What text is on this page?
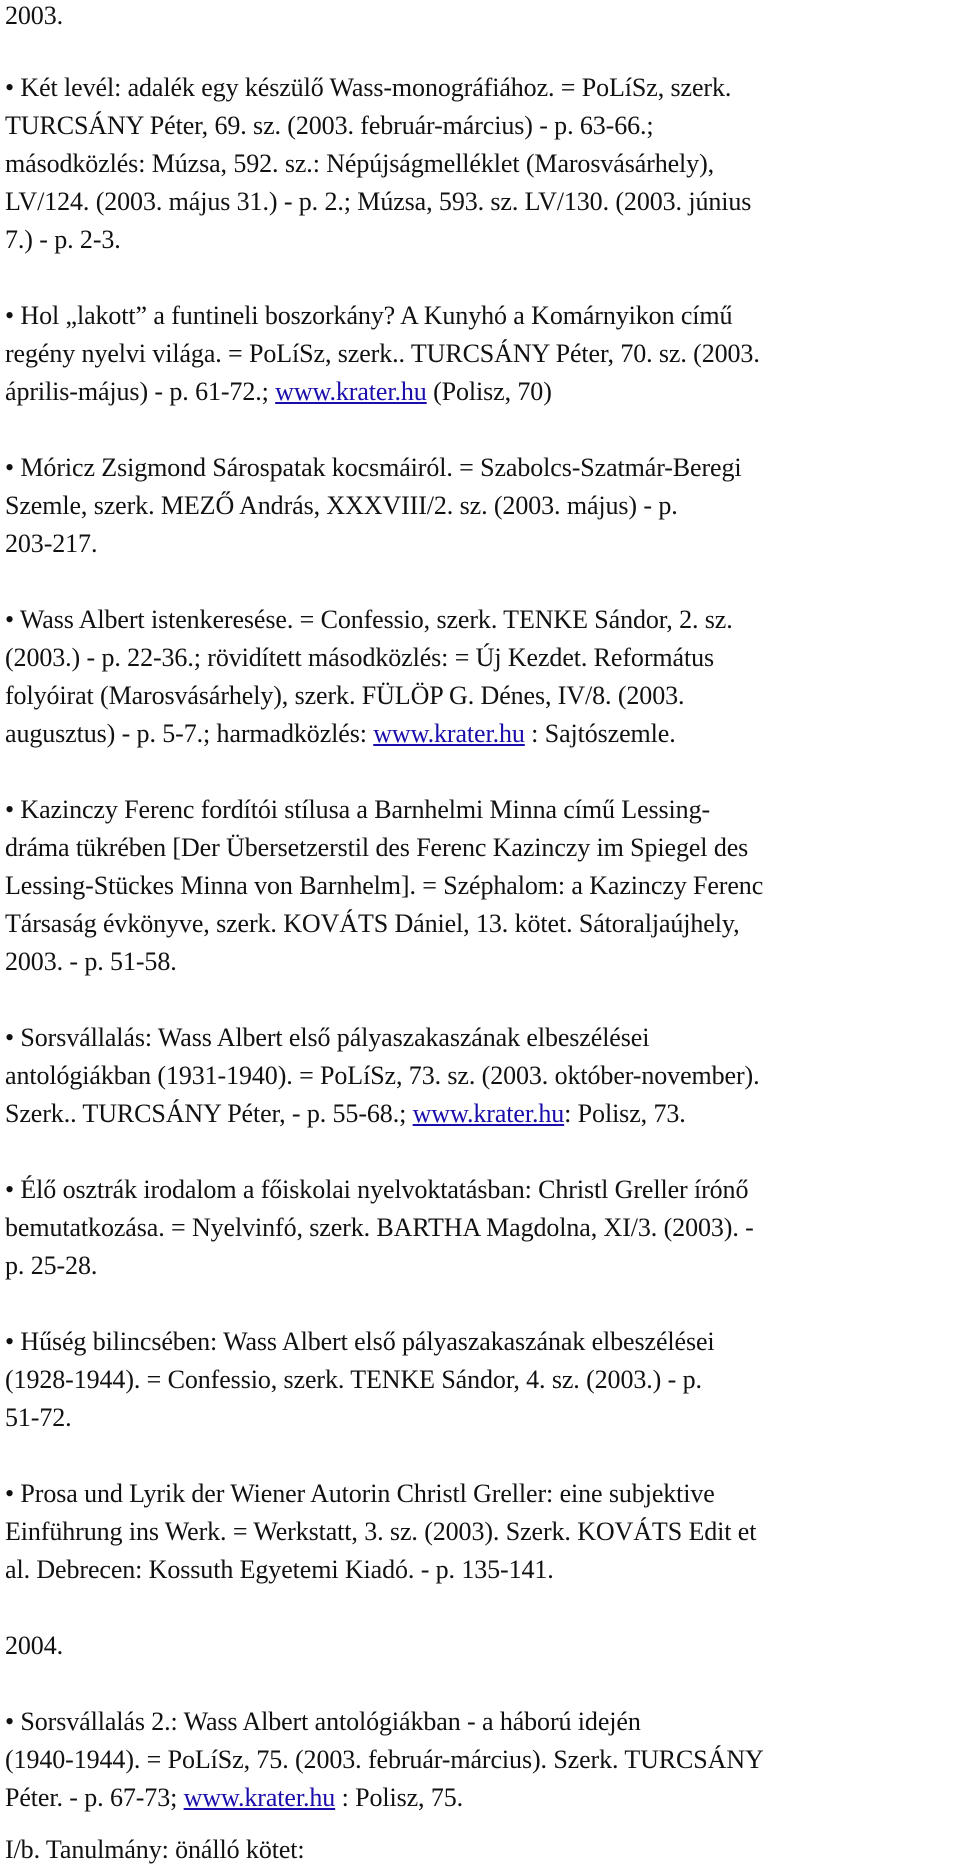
2003.
• Két levél: adalék egy készülő Wass-monográfiához. = PoLíSz, szerk.
TURCSÁNY Péter, 69. sz. (2003. február-március) - p. 63-66.;
másodközlés: Múzsa, 592. sz.: Népújságmelléklet (Marosvásárhely),
LV/124. (2003. május 31.) - p. 2.; Múzsa, 593. sz. LV/130. (2003. június
7.) - p. 2-3.
• Hol „lakott” a funtineli boszorkány? A Kunyhó a Komárnyikon című
regény nyelvi világa. = PoLíSz, szerk.. TURCSÁNY Péter, 70. sz. (2003.
április-május) - p. 61-72.; www.krater.hu (Polisz, 70)
• Móricz Zsigmond Sárospatak kocsmáiról. = Szabolcs-Szatmár-Beregi
Szemle, szerk. MEZŐ András, XXXVIII/2. sz. (2003. május) - p.
203-217.
• Wass Albert istenkeresése. = Confessio, szerk. TENKE Sándor, 2. sz.
(2003.) - p. 22-36.; rövidített másodközlés: = Új Kezdet. Református
folyóirat (Marosvásárhely), szerk. FÜLÖP G. Dénes, IV/8. (2003.
augusztus) - p. 5-7.; harmadközlés: www.krater.hu : Sajtószemle.
• Kazinczy Ferenc fordítói stílusa a Barnhelmi Minna című Lessing-
dráma tükrében [Der Übersetzerstil des Ferenc Kazinczy im Spiegel des
Lessing-Stückes Minna von Barnhelm]. = Széphalom: a Kazinczy Ferenc
Társaság évkönyve, szerk. KOVÁTS Dániel, 13. kötet. Sátoraljaújhely,
2003. - p. 51-58.
• Sorsvállalás: Wass Albert első pályaszakaszának elbeszélései
antológiákban (1931-1940). = PoLíSz, 73. sz. (2003. október-november).
Szerk.. TURCSÁNY Péter, - p. 55-68.; www.krater.hu: Polisz, 73.
• Élő osztrák irodalom a főiskolai nyelvoktatásban: Christl Greller írónő
bemutatkozása. = Nyelvinfó, szerk. BARTHA Magdolna, XI/3. (2003). -
p. 25-28.
• Hűség bilincsében: Wass Albert első pályaszakaszának elbeszélései
(1928-1944). = Confessio, szerk. TENKE Sándor, 4. sz. (2003.) - p.
51-72.
• Prosa und Lyrik der Wiener Autorin Christl Greller: eine subjektive
Einführung ins Werk. = Werkstatt, 3. sz. (2003). Szerk. KOVÁTS Edit et
al. Debrecen: Kossuth Egyetemi Kiadó. - p. 135-141.
2004.
• Sorsvállalás 2.: Wass Albert antológiákban - a háború idején
(1940-1944). = PoLíSz, 75. (2003. február-március). Szerk. TURCSÁNY
Péter. - p. 67-73; www.krater.hu : Polisz, 75.
I/b. Tanulmány: önálló kötet:
